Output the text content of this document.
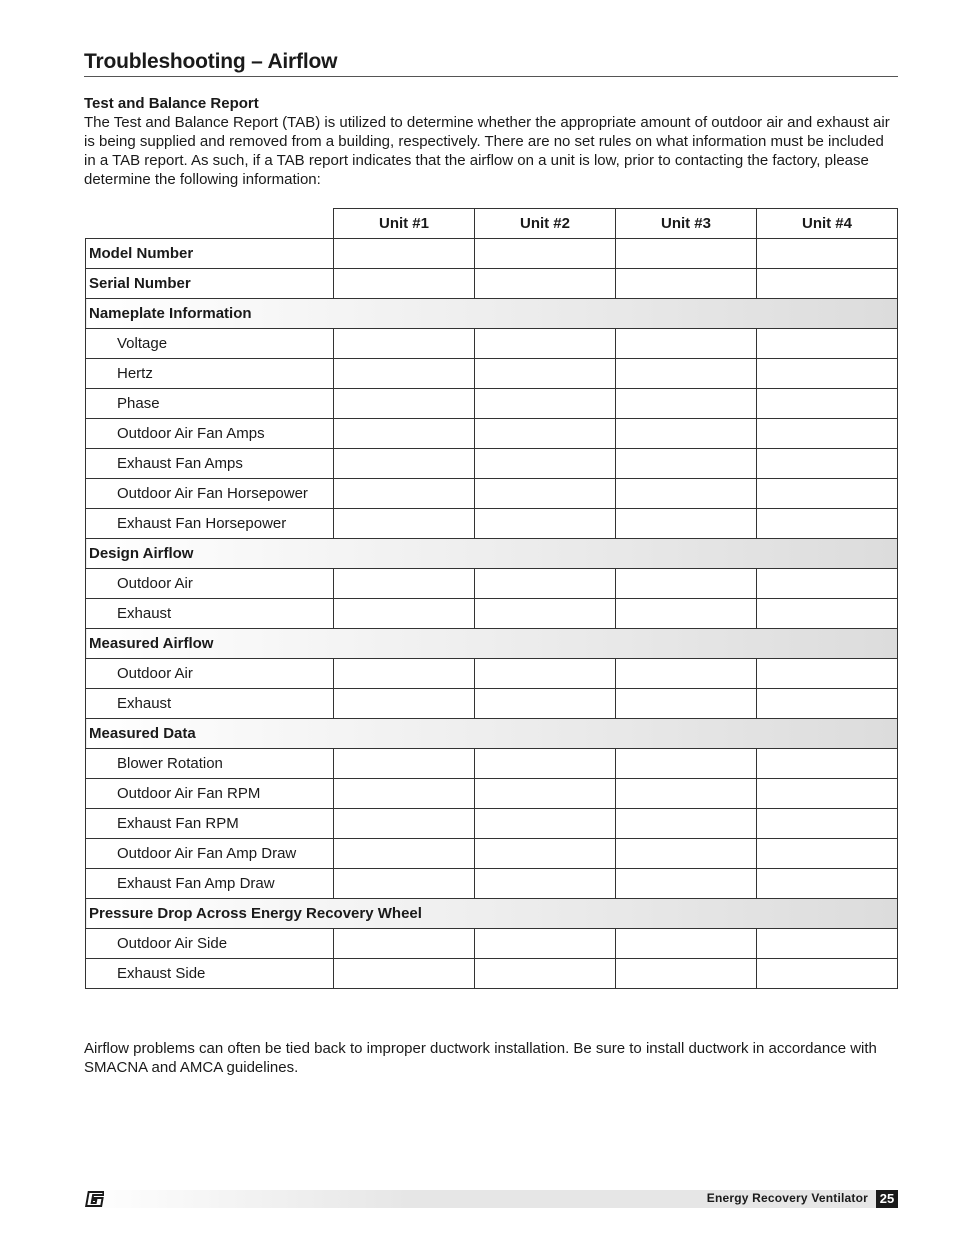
Troubleshooting – Airflow
Test and Balance Report
The Test and Balance Report (TAB) is utilized to determine whether the appropriate amount of outdoor air and exhaust air is being supplied and removed from a building, respectively. There are no set rules on what information must be included in a TAB report. As such, if a TAB report indicates that the airflow on a unit is low, prior to contacting the factory, please determine the following information:
	Unit #1	Unit #2	Unit #3	Unit #4
Model Number				
Serial Number				
Nameplate Information				
Voltage				
Hertz				
Phase				
Outdoor Air Fan Amps				
Exhaust Fan Amps				
Outdoor Air Fan Horsepower				
Exhaust Fan Horsepower				
Design Airflow				
Outdoor Air				
Exhaust				
Measured Airflow				
Outdoor Air				
Exhaust				
Measured Data				
Blower Rotation				
Outdoor Air Fan RPM				
Exhaust Fan RPM				
Outdoor Air Fan Amp Draw				
Exhaust Fan Amp Draw				
Pressure Drop Across Energy Recovery Wheel				
Outdoor Air Side				
Exhaust Side				
Airflow problems can often be tied back to improper ductwork installation. Be sure to install ductwork in accordance with SMACNA and AMCA guidelines.
Energy Recovery Ventilator 25
